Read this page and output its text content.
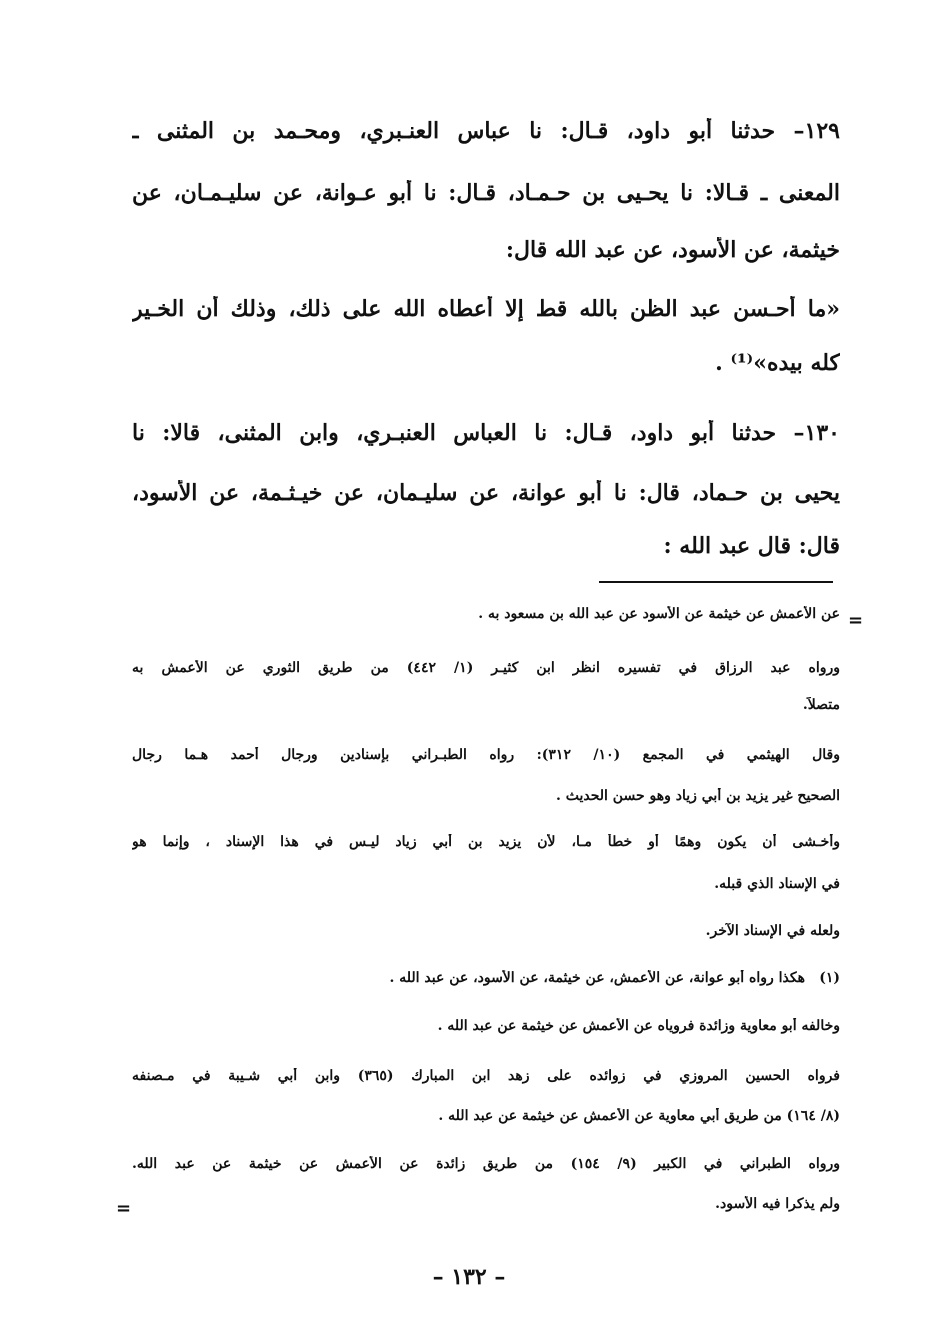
١٢٩– حدثنا أبو داود، قـال: نا عباس العنـبري، ومحـمد بن المثنى ـ
المعنى ـ قـالا: نا يحـيى بن حـمـاد، قـال: نا أبو عـوانة، عن سليـمـان، عن
خيثمة، عن الأسود، عن عبد الله قال:
«ما أحـسن عبد الظن بالله قط إلا أعطاه الله على ذلك، وذلك أن الخـير
كله بيده»⁽¹⁾ .
١٣٠– حدثنا أبو داود، قـال: نا العباس العنبـري، وابن المثنى، قالا: نا
يحيى بن حـماد، قال: نا أبو عوانة، عن سليـمان، عن خيـثـمة، عن الأسود،
قال: قال عبد الله :
=
عن الأعمش عن خيثمة عن الأسود عن عبد الله بن مسعود به .
ورواه عبد الرزاق في تفسيره انظر ابن كثيـر (١/ ٤٤٢) من طريق الثوري عن الأعمش به
متصلاً.
وقال الهيثمي في المجمع (١٠/ ٣١٢): رواه الطبـراني بإسنادين ورجال أحمد هـما رجال
الصحيح غير يزيد بن أبي زياد وهو حسن الحديث .
وأخـشى أن يكون وهمًا أو خطأ مـا، لأن يزيد بن أبي زياد ليـس في هذا الإسناد ، وإنما هو
في الإسناد الذي قبله.
ولعله في الإسناد الآخر.
(١)
هكذا رواه أبو عوانة، عن الأعمش، عن خيثمة، عن الأسود، عن عبد الله .
وخالفه أبو معاوية وزائدة فروياه عن الأعمش عن خيثمة عن عبد الله .
فرواه الحسين المروزي في زوائده على زهد ابن المبارك (٣٦٥) وابن أبي شـيبة في مـصنفه
(٨/ ١٦٤) من طريق أبي معاوية عن الأعمش عن خيثمة عن عبد الله .
ورواه الطبراني في الكبير (٩/ ١٥٤) من طريق زائدة عن الأعمش عن خيثمة عن عبد الله.
ولم يذكرا فيه الأسود.
=
– ١٣٢ –
